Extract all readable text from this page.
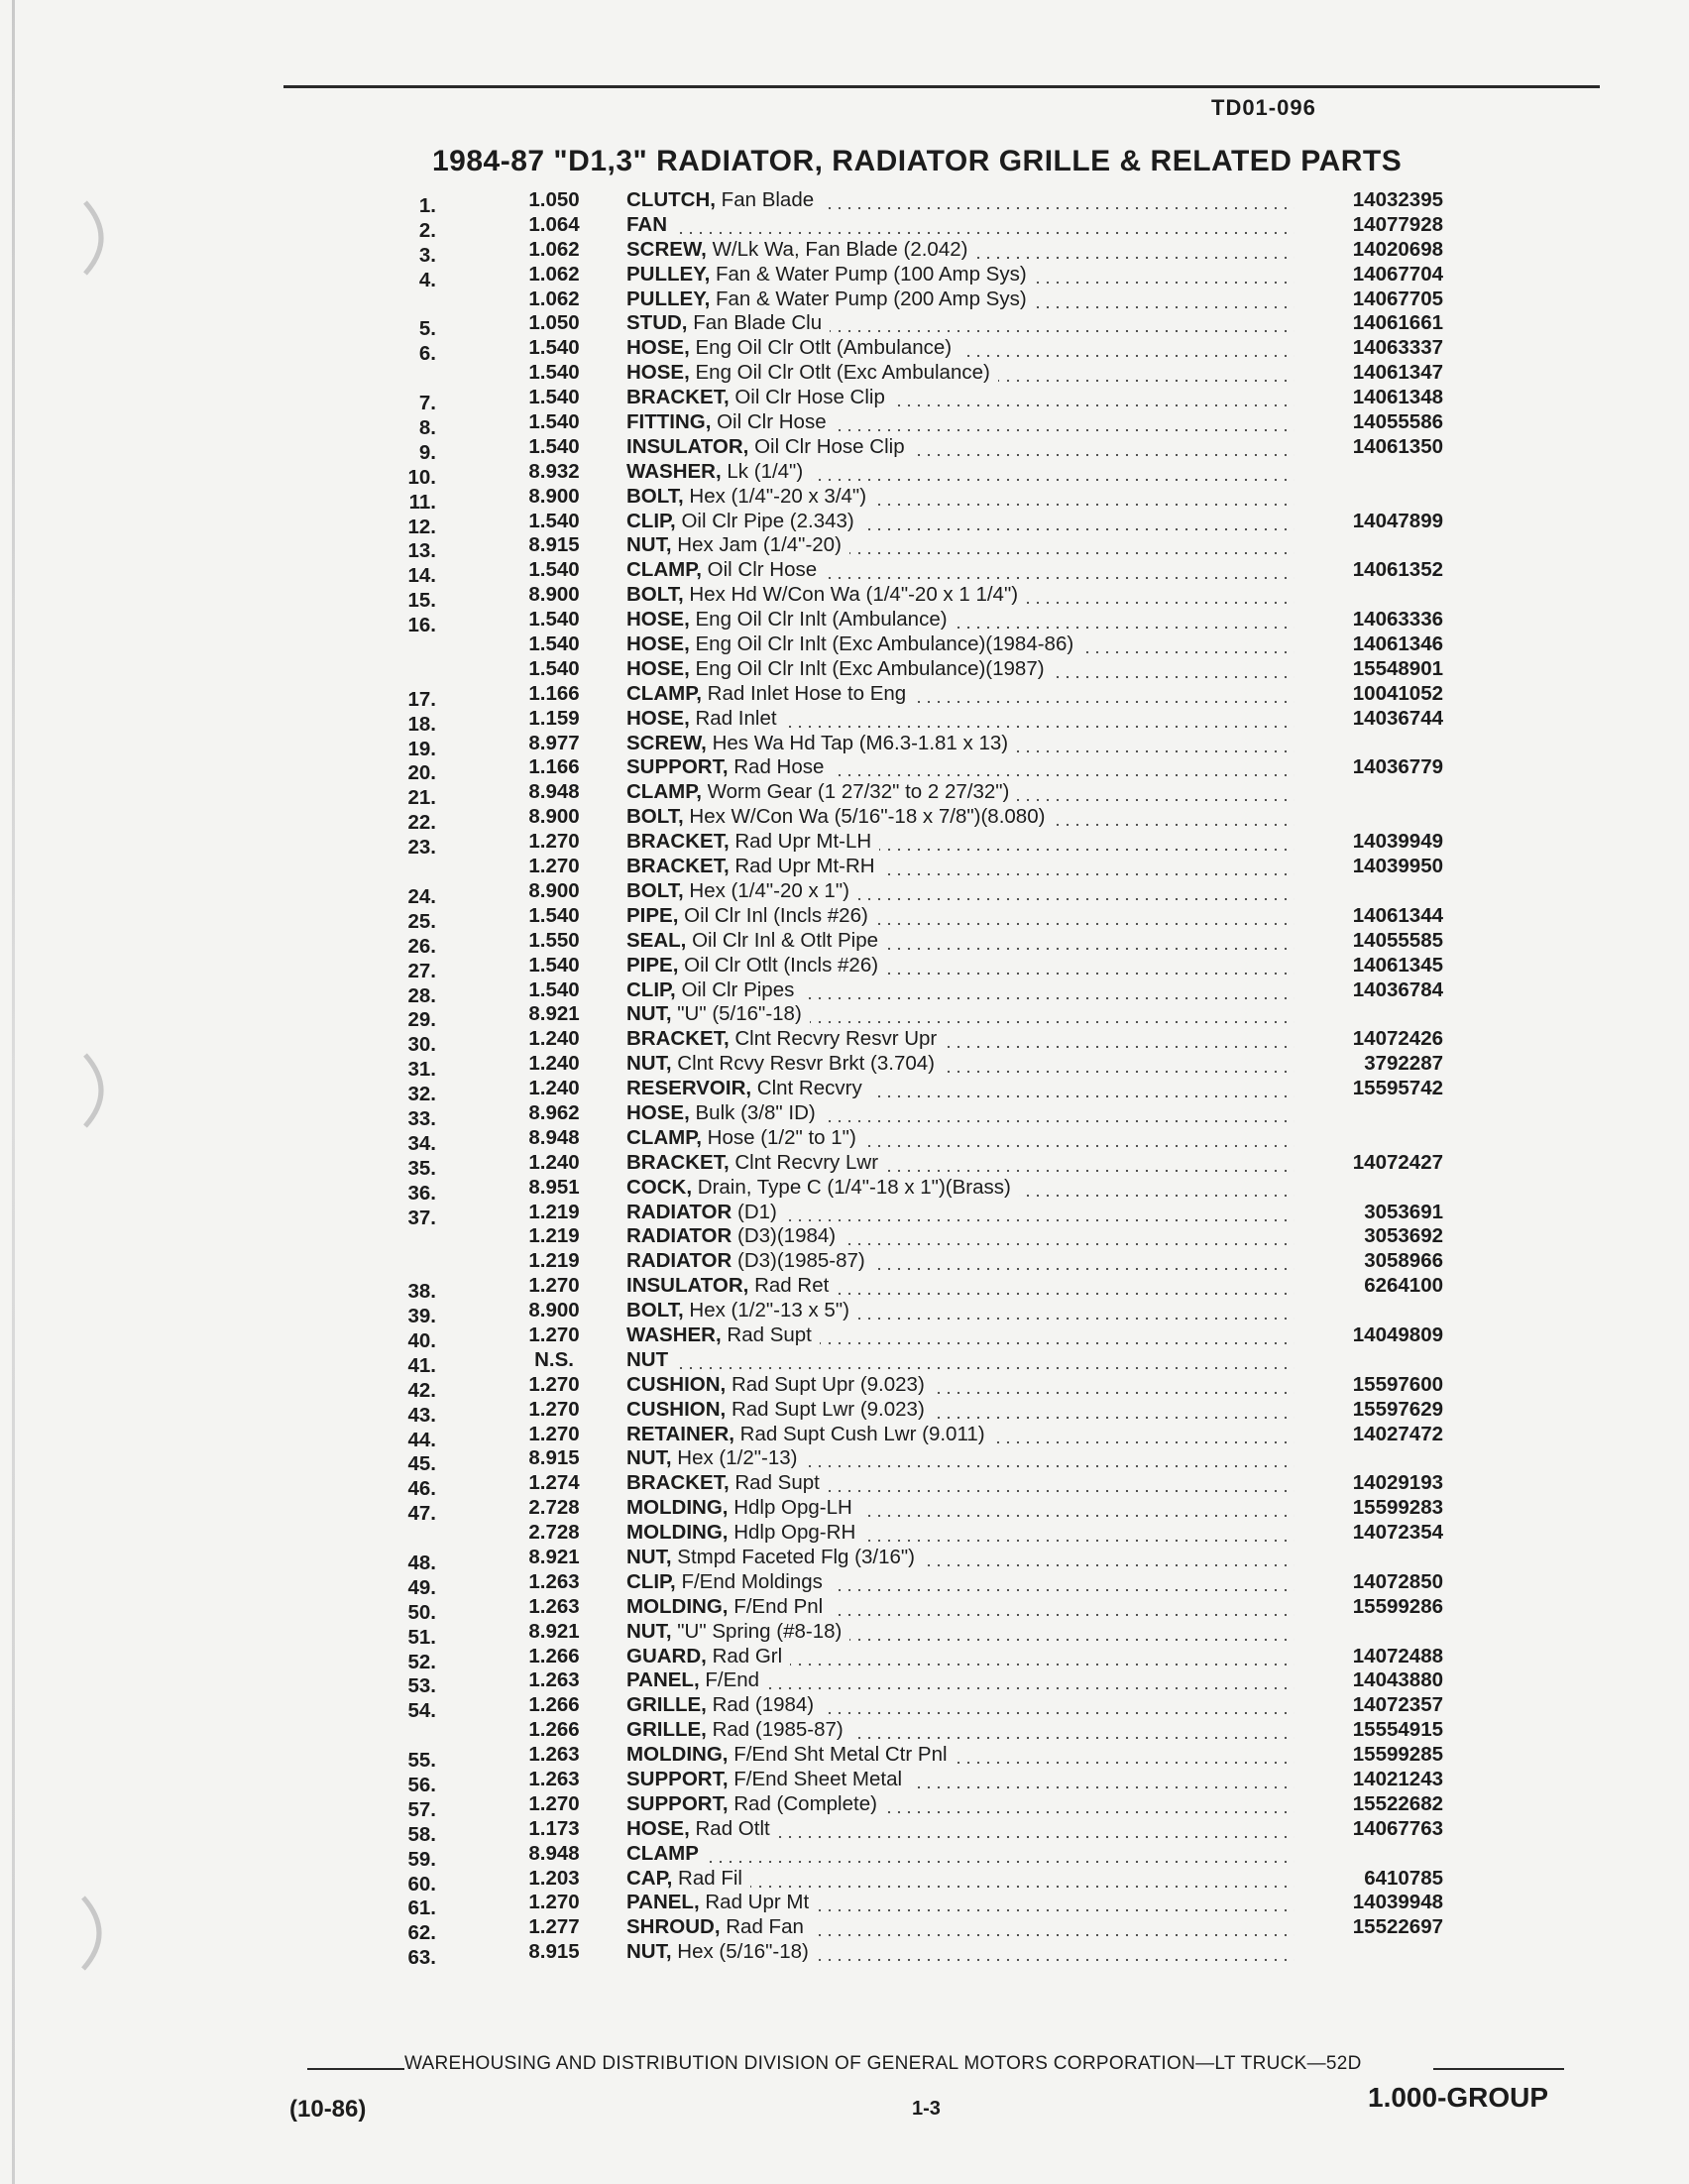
TD01-096
1984-87 "D1,3" RADIATOR, RADIATOR GRILLE & RELATED PARTS
1.	1.050	CLUTCH, Fan Blade	14032395
2.	1.064	FAN	14077928
3.	1.062	SCREW, W/Lk Wa, Fan Blade (2.042)	14020698
4.	1.062	PULLEY, Fan & Water Pump (100 Amp Sys)	14067704
1.062	PULLEY, Fan & Water Pump (200 Amp Sys)	14067705
5.	1.050	STUD, Fan Blade Clu	14061661
6.	1.540	HOSE, Eng Oil Clr Otlt (Ambulance)	14063337
1.540	HOSE, Eng Oil Clr Otlt (Exc Ambulance)	14061347
7.	1.540	BRACKET, Oil Clr Hose Clip	14061348
8.	1.540	FITTING, Oil Clr Hose	14055586
9.	1.540	INSULATOR, Oil Clr Hose Clip	14061350
10.	8.932	WASHER, Lk (1/4")
11.	8.900	BOLT, Hex (1/4"-20 x 3/4")
12.	1.540	CLIP, Oil Clr Pipe (2.343)	14047899
13.	8.915	NUT, Hex Jam (1/4"-20)
14.	1.540	CLAMP, Oil Clr Hose	14061352
15.	8.900	BOLT, Hex Hd W/Con Wa (1/4"-20 x 1 1/4")
16.	1.540	HOSE, Eng Oil Clr Inlt (Ambulance)	14063336
1.540	HOSE, Eng Oil Clr Inlt (Exc Ambulance)(1984-86)	14061346
1.540	HOSE, Eng Oil Clr Inlt (Exc Ambulance)(1987)	15548901
17.	1.166	CLAMP, Rad Inlet Hose to Eng	10041052
18.	1.159	HOSE, Rad Inlet	14036744
19.	8.977	SCREW, Hes Wa Hd Tap (M6.3-1.81 x 13)
20.	1.166	SUPPORT, Rad Hose	14036779
21.	8.948	CLAMP, Worm Gear (1 27/32" to 2 27/32")
22.	8.900	BOLT, Hex W/Con Wa (5/16"-18 x 7/8")(8.080)
23.	1.270	BRACKET, Rad Upr Mt-LH	14039949
1.270	BRACKET, Rad Upr Mt-RH	14039950
24.	8.900	BOLT, Hex (1/4"-20 x 1")
25.	1.540	PIPE, Oil Clr Inl (Incls #26)	14061344
26.	1.550	SEAL, Oil Clr Inl & Otlt Pipe	14055585
27.	1.540	PIPE, Oil Clr Otlt (Incls #26)	14061345
28.	1.540	CLIP, Oil Clr Pipes	14036784
29.	8.921	NUT, "U" (5/16"-18)
30.	1.240	BRACKET, Clnt Recvry Resvr Upr	14072426
31.	1.240	NUT, Clnt Rcvy Resvr Brkt (3.704)	3792287
32.	1.240	RESERVOIR, Clnt Recvry	15595742
33.	8.962	HOSE, Bulk (3/8" ID)
34.	8.948	CLAMP, Hose (1/2" to 1")
35.	1.240	BRACKET, Clnt Recvry Lwr	14072427
36.	8.951	COCK, Drain, Type C (1/4"-18 x 1")(Brass)
37.	1.219	RADIATOR (D1)	3053691
1.219	RADIATOR (D3)(1984)	3053692
1.219	RADIATOR (D3)(1985-87)	3058966
38.	1.270	INSULATOR, Rad Ret	6264100
39.	8.900	BOLT, Hex (1/2"-13 x 5")
40.	1.270	WASHER, Rad Supt	14049809
41.	N.S.	NUT
42.	1.270	CUSHION, Rad Supt Upr (9.023)	15597600
43.	1.270	CUSHION, Rad Supt Lwr (9.023)	15597629
44.	1.270	RETAINER, Rad Supt Cush Lwr (9.011)	14027472
45.	8.915	NUT, Hex (1/2"-13)
46.	1.274	BRACKET, Rad Supt	14029193
47.	2.728	MOLDING, Hdlp Opg-LH	15599283
2.728	MOLDING, Hdlp Opg-RH	14072354
48.	8.921	NUT, Stmpd Faceted Flg (3/16")
49.	1.263	CLIP, F/End Moldings	14072850
50.	1.263	MOLDING, F/End Pnl	15599286
51.	8.921	NUT, "U" Spring (#8-18)
52.	1.266	GUARD, Rad Grl	14072488
53.	1.263	PANEL, F/End	14043880
54.	1.266	GRILLE, Rad (1984)	14072357
1.266	GRILLE, Rad (1985-87)	15554915
55.	1.263	MOLDING, F/End Sht Metal Ctr Pnl	15599285
56.	1.263	SUPPORT, F/End Sheet Metal	14021243
57.	1.270	SUPPORT, Rad (Complete)	15522682
58.	1.173	HOSE, Rad Otlt	14067763
59.	8.948	CLAMP
60.	1.203	CAP, Rad Fil	6410785
61.	1.270	PANEL, Rad Upr Mt	14039948
62.	1.277	SHROUD, Rad Fan	15522697
63.	8.915	NUT, Hex (5/16"-18)
WAREHOUSING AND DISTRIBUTION DIVISION OF GENERAL MOTORS CORPORATION—LT TRUCK—52D
(10-86)	1-3	1.000-GROUP
